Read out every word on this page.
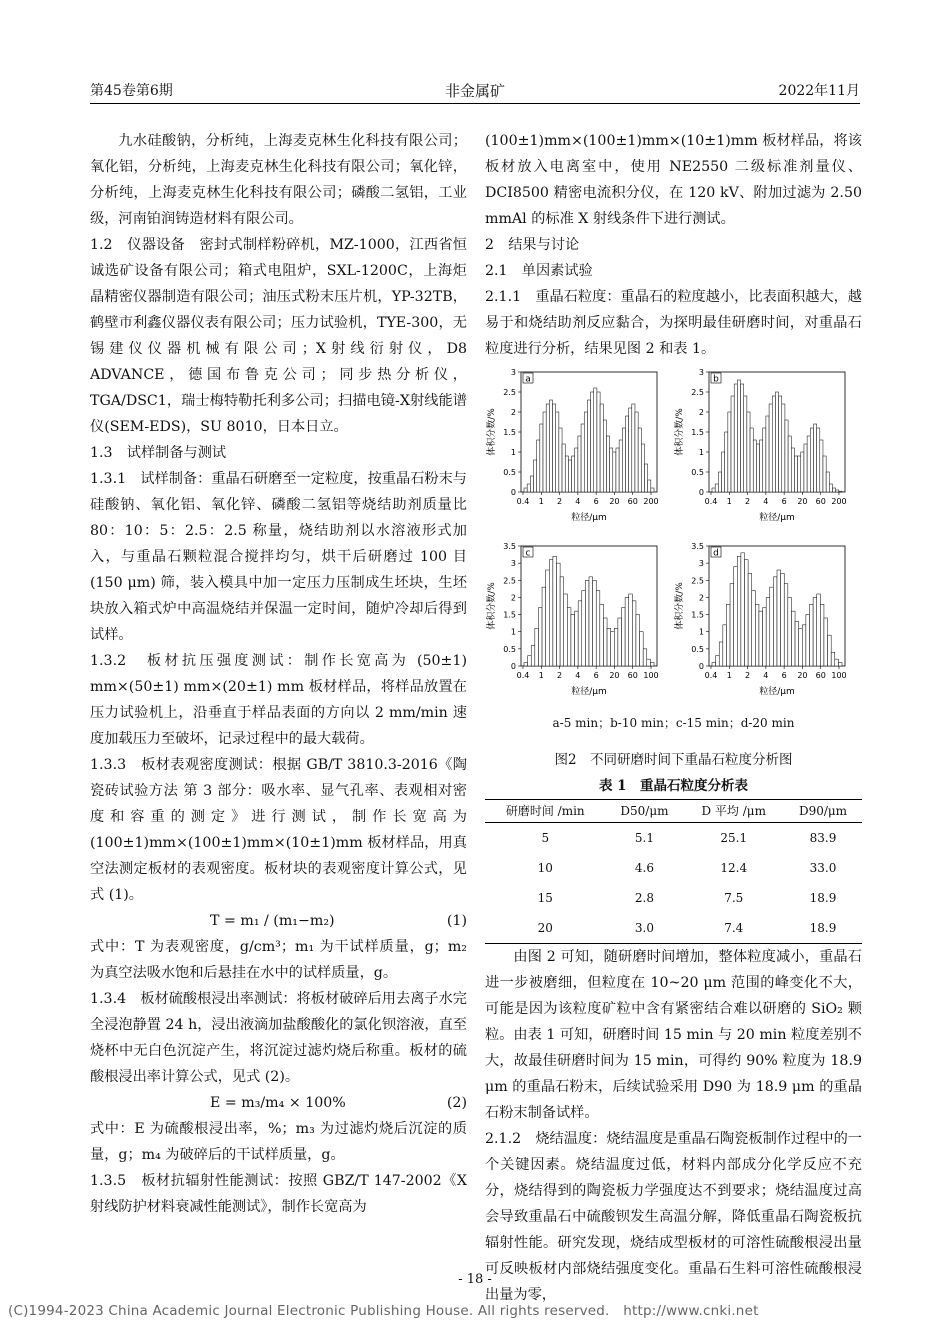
第45卷第6期	非金属矿	2022年11月

九水硅酸钠，分析纯，上海麦克林生化科技有限公司；氧化铝，分析纯，上海麦克林生化科技有限公司；氧化锌，分析纯，上海麦克林生化科技有限公司；磷酸二氢铝，工业级，河南铂润铸造材料有限公司。

1.2　仪器设备　密封式制样粉碎机，MZ-1000，江西省恒诚选矿设备有限公司；箱式电阻炉，SXL-1200C，上海炬晶精密仪器制造有限公司；油压式粉末压片机，YP-32TB，鹤壁市利鑫仪器仪表有限公司；压力试验机，TYE-300，无锡建仪仪器机械有限公司；X射线衍射仪，D8 ADVANCE，德国布鲁克公司；同步热分析仪，TGA/DSC1，瑞士梅特勒托利多公司；扫描电镜-X射线能谱仪(SEM-EDS)，SU 8010，日本日立。

1.3　试样制备与测试

1.3.1　试样制备：重晶石研磨至一定粒度，按重晶石粉末与硅酸钠、氧化铝、氧化锌、磷酸二氢铝等烧结助剂质量比 80：10：5：2.5：2.5 称量，烧结助剂以水溶液形式加入，与重晶石颗粒混合搅拌均匀，烘干后研磨过 100 目 (150 μm) 筛，装入模具中加一定压力压制成生坯块，生坯块放入箱式炉中高温烧结并保温一定时间，随炉冷却后得到试样。

1.3.2　板材抗压强度测试：制作长宽高为 (50±1) mm×(50±1) mm×(20±1) mm 板材样品，将样品放置在压力试验机上，沿垂直于样品表面的方向以 2 mm/min 速度加载压力至破坏，记录过程中的最大载荷。

1.3.3　板材表观密度测试：根据 GB/T 3810.3-2016《陶瓷砖试验方法 第 3 部分：吸水率、显气孔率、表观相对密度和容重的测定》进行测试，制作长宽高为 (100±1)mm×(100±1)mm×(10±1)mm 板材样品，用真空法测定板材的表观密度。板材块的表观密度计算公式，见式 (1)。

T = m₁ / (m₁−m₂)	(1)

式中：T 为表观密度，g/cm³；m₁ 为干试样质量，g；m₂ 为真空法吸水饱和后悬挂在水中的试样质量，g。

1.3.4　板材硫酸根浸出率测试：将板材破碎后用去离子水完全浸泡静置 24 h，浸出液滴加盐酸酸化的氯化钡溶液，直至烧杯中无白色沉淀产生，将沉淀过滤灼烧后称重。板材的硫酸根浸出率计算公式，见式 (2)。

E = m₃/m₄ × 100%	(2)

式中：E 为硫酸根浸出率，%；m₃ 为过滤灼烧后沉淀的质量，g；m₄ 为破碎后的干试样质量，g。

1.3.5　板材抗辐射性能测试：按照 GBZ/T 147-2002《X 射线防护材料衰减性能测试》，制作长宽高为

(100±1)mm×(100±1)mm×(10±1)mm 板材样品，将该板材放入电离室中，使用 NE2550 二级标准剂量仪、DCI8500 精密电流积分仪，在 120 kV、附加过滤为 2.50 mmAl 的标准 X 射线条件下进行测试。

2　结果与讨论

2.1　单因素试验

2.1.1　重晶石粒度：重晶石的粒度越小，比表面积越大，越易于和烧结助剂反应黏合，为探明最佳研磨时间，对重晶石粒度进行分析，结果见图 2 和表 1。

a
0
0.5
1
1.5
2
2.5
3
0.4 1 2 4 6 20 60 200
粒径/μm
体积分数/%
b
0
0.5
1
1.5
2
2.5
3
0.4 1 2 4 6 20 60 200
粒径/μm
体积分数/%
c
0
0.5
1
1.5
2
2.5
3
3.5
0.4 1 2 4 6 20 60 100
粒径/μm
体积分数/%
d
0
0.5
1
1.5
2
2.5
3
3.5
0.4 1 2 4 6 20 60 100
粒径/μm
体积分数/%
a-5 min；b-10 min；c-15 min；d-20 min

图2　不同研磨时间下重晶石粒度分析图

表 1　重晶石粒度分析表

研磨时间 /min	D50/μm	D 平均 /μm	D90/μm
5	5.1	25.1	83.9
10	4.6	12.4	33.0
15	2.8	7.5	18.9
20	3.0	7.4	18.9

由图 2 可知，随研磨时间增加，整体粒度减小，重晶石进一步被磨细，但粒度在 10~20 μm 范围的峰变化不大，可能是因为该粒度矿粒中含有紧密结合难以研磨的 SiO₂ 颗粒。由表 1 可知，研磨时间 15 min 与 20 min 粒度差别不大，故最佳研磨时间为 15 min，可得约 90% 粒度为 18.9 μm 的重晶石粉末，后续试验采用 D90 为 18.9 μm 的重晶石粉末制备试样。

2.1.2　烧结温度：烧结温度是重晶石陶瓷板制作过程中的一个关键因素。烧结温度过低，材料内部成分化学反应不充分，烧结得到的陶瓷板力学强度达不到要求；烧结温度过高会导致重晶石中硫酸钡发生高温分解，降低重晶石陶瓷板抗辐射性能。研究发现，烧结成型板材的可溶性硫酸根浸出量可反映板材内部烧结强度变化。重晶石生料可溶性硫酸根浸出量为零，

- 18 -
(C)1994-2023 China Academic Journal Electronic Publishing House. All rights reserved.　http://www.cnki.net
